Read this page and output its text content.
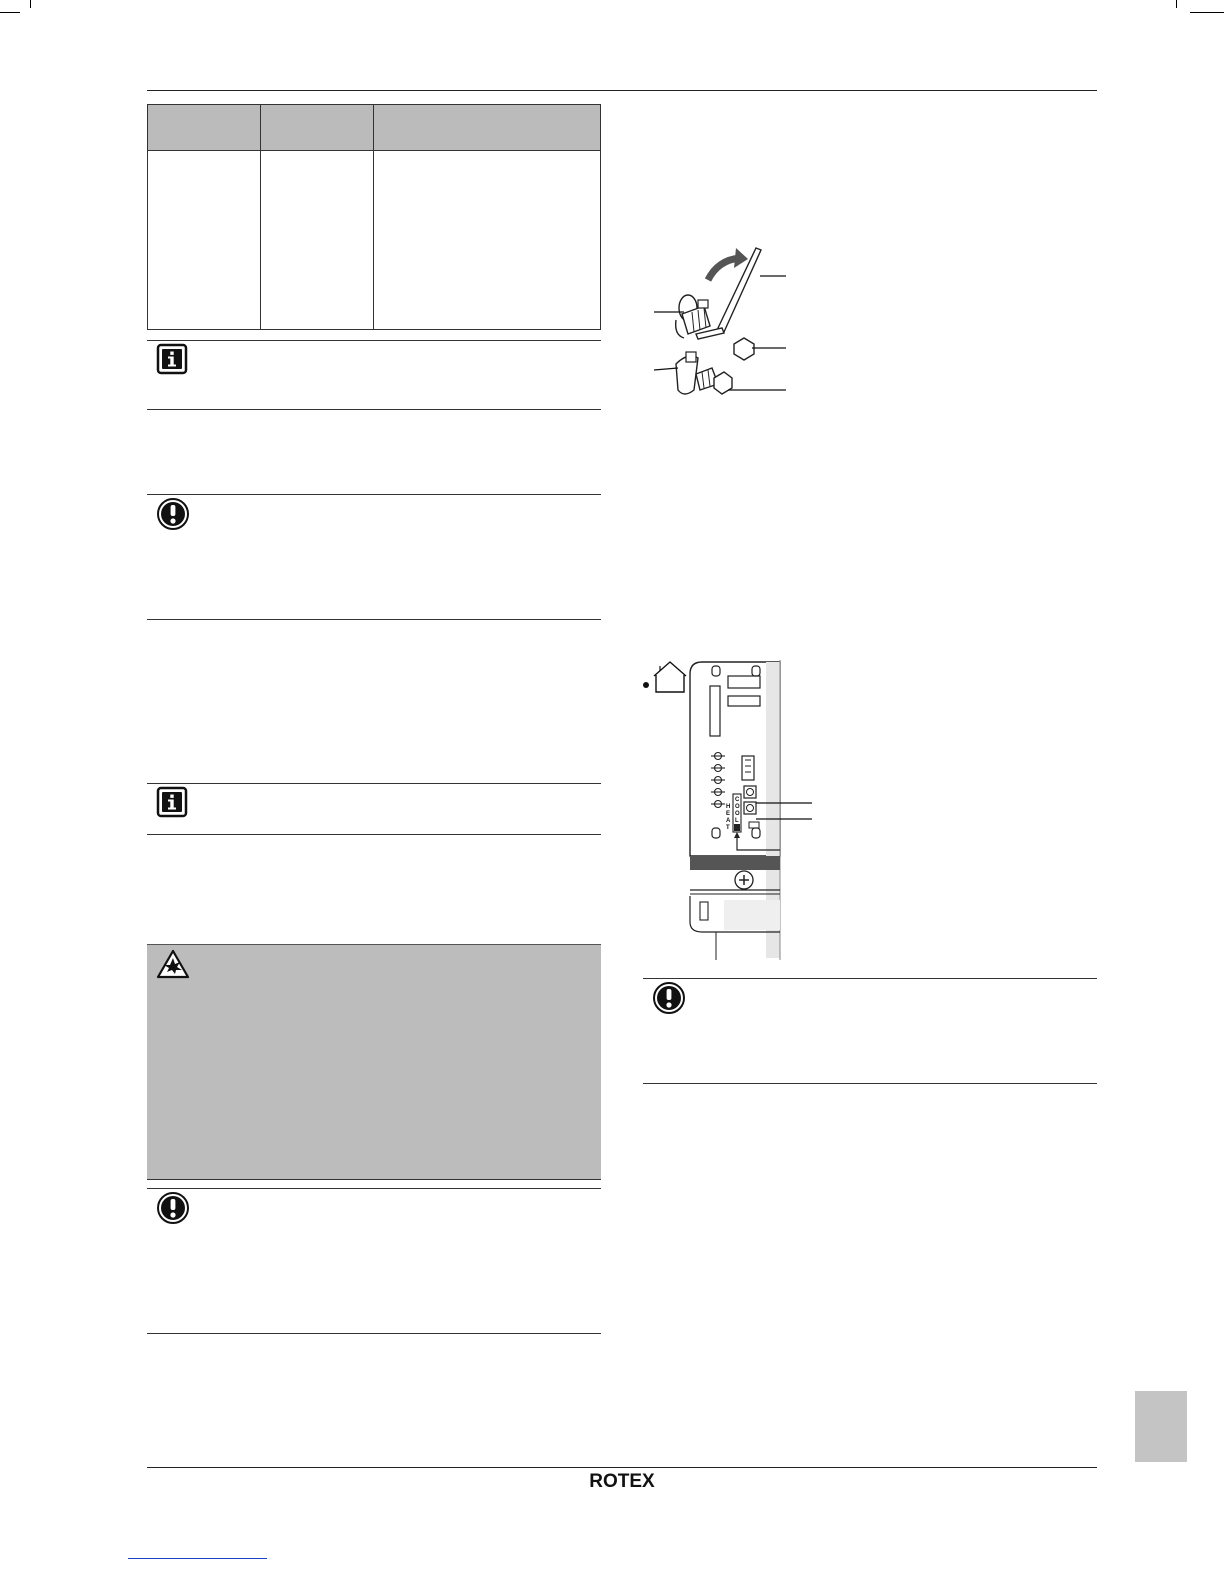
C
O
O
L
H
E
A
T
ROTEX
